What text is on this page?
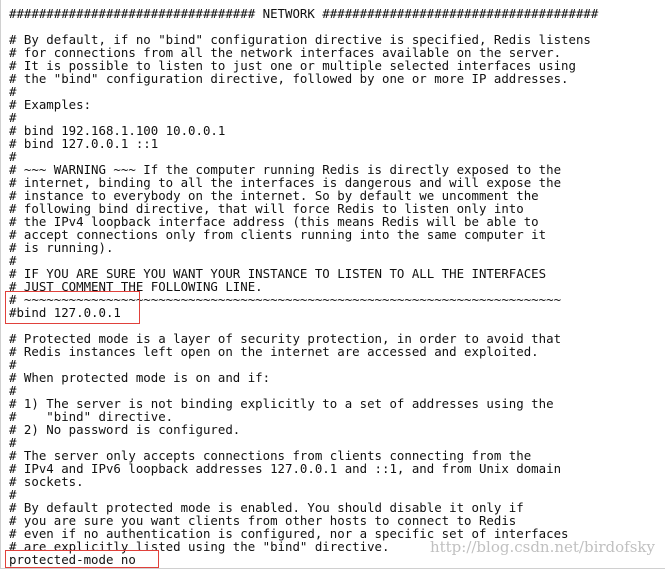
################################# NETWORK #####################################
# By default, if no "bind" configuration directive is specified, Redis listens
# for connections from all the network interfaces available on the server.
# It is possible to listen to just one or multiple selected interfaces using
# the "bind" configuration directive, followed by one or more IP addresses.
#
# Examples:
#
# bind 192.168.1.100 10.0.0.1
# bind 127.0.0.1 ::1
#
# ~~~ WARNING ~~~ If the computer running Redis is directly exposed to the
# internet, binding to all the interfaces is dangerous and will expose the
# instance to everybody on the internet. So by default we uncomment the
# following bind directive, that will force Redis to listen only into
# the IPv4 loopback interface address (this means Redis will be able to
# accept connections only from clients running into the same computer it
# is running).
#
# IF YOU ARE SURE YOU WANT YOUR INSTANCE TO LISTEN TO ALL THE INTERFACES
# JUST COMMENT THE FOLLOWING LINE.
# ~~~~~~~~~~~~~~~~~~~~~~~~~~~~~~~~~~~~~~~~~~~~~~~~~~~~~~~~~~~~~~~~~~~~~~~~
#bind 127.0.0.1
# Protected mode is a layer of security protection, in order to avoid that
# Redis instances left open on the internet are accessed and exploited.
#
# When protected mode is on and if:
#
# 1) The server is not binding explicitly to a set of addresses using the
#    "bind" directive.
# 2) No password is configured.
#
# The server only accepts connections from clients connecting from the
# IPv4 and IPv6 loopback addresses 127.0.0.1 and ::1, and from Unix domain
# sockets.
#
# By default protected mode is enabled. You should disable it only if
# you are sure you want clients from other hosts to connect to Redis
# even if no authentication is configured, nor a specific set of interfaces
# are explicitly listed using the "bind" directive.
protected-mode no
http://blog.csdn.net/birdofsky
